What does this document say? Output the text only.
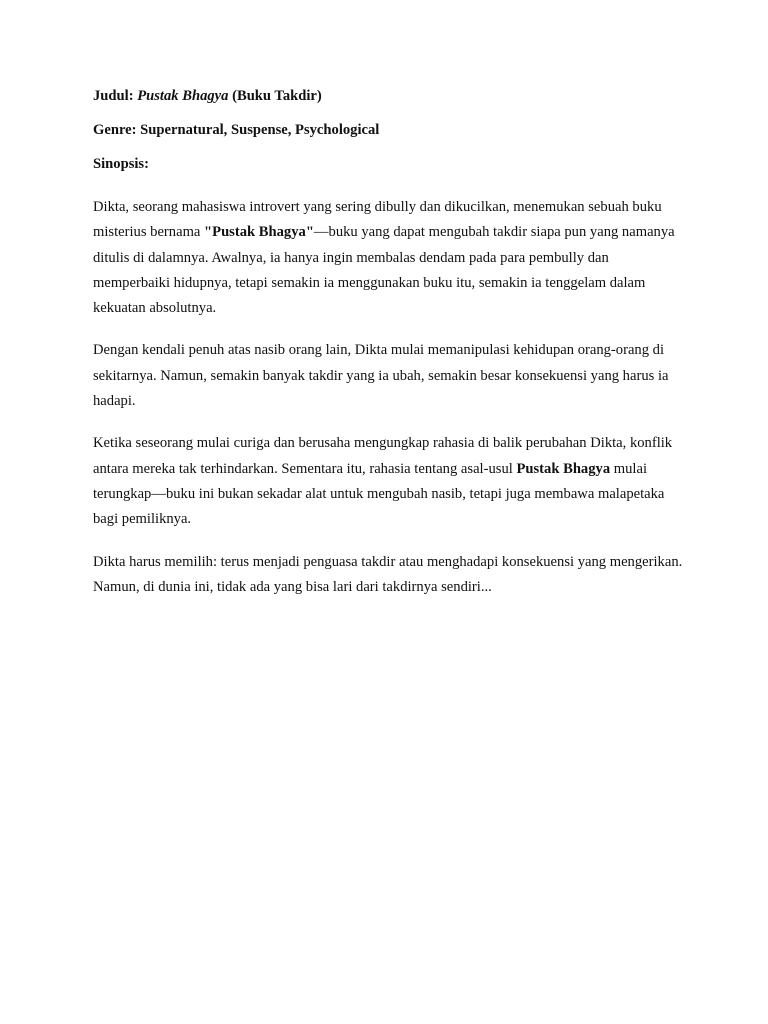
Judul: Pustak Bhagya (Buku Takdir)

Genre: Supernatural, Suspense, Psychological

Sinopsis:

Dikta, seorang mahasiswa introvert yang sering dibully dan dikucilkan, menemukan sebuah buku misterius bernama "Pustak Bhagya"—buku yang dapat mengubah takdir siapa pun yang namanya ditulis di dalamnya. Awalnya, ia hanya ingin membalas dendam pada para pembully dan memperbaiki hidupnya, tetapi semakin ia menggunakan buku itu, semakin ia tenggelam dalam kekuatan absolutnya.

Dengan kendali penuh atas nasib orang lain, Dikta mulai memanipulasi kehidupan orang-orang di sekitarnya. Namun, semakin banyak takdir yang ia ubah, semakin besar konsekuensi yang harus ia hadapi.

Ketika seseorang mulai curiga dan berusaha mengungkap rahasia di balik perubahan Dikta, konflik antara mereka tak terhindarkan. Sementara itu, rahasia tentang asal-usul Pustak Bhagya mulai terungkap—buku ini bukan sekadar alat untuk mengubah nasib, tetapi juga membawa malapetaka bagi pemiliknya.

Dikta harus memilih: terus menjadi penguasa takdir atau menghadapi konsekuensi yang mengerikan. Namun, di dunia ini, tidak ada yang bisa lari dari takdirnya sendiri...
